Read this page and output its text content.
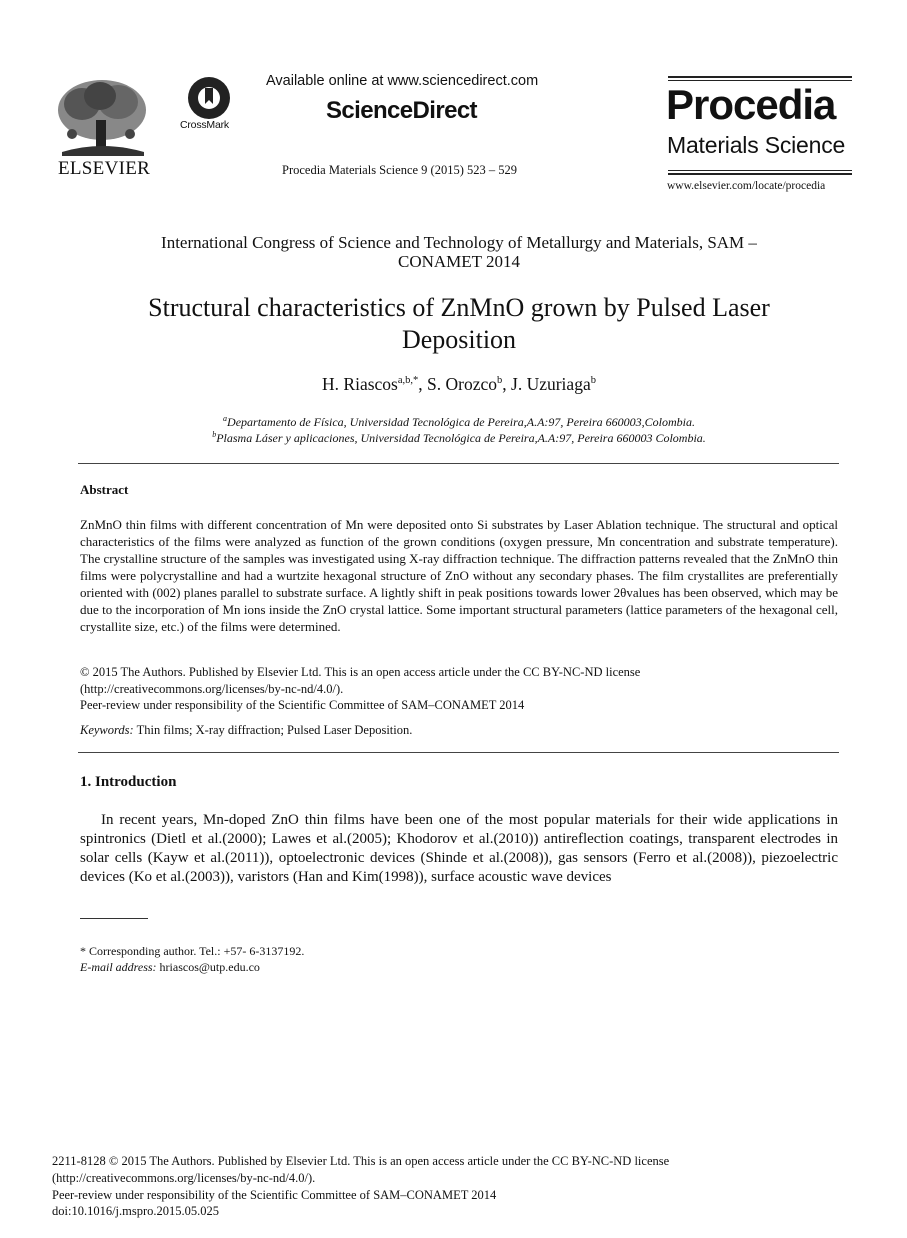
ELSEVIER
CrossMark
Available online at www.sciencedirect.com
ScienceDirect
Procedia Materials Science 9 (2015) 523 – 529
Procedia
Materials Science
www.elsevier.com/locate/procedia
International Congress of Science and Technology of Metallurgy and Materials, SAM –
CONAMET 2014
Structural characteristics of ZnMnO grown by Pulsed Laser
Deposition
H. Riascos$^{a,b,*}$, S. Orozco$^b$, J. Uzuriaga$^b$
$^a$Departamento de Física, Universidad Tecnológica de Pereira,A.A:97, Pereira 660003,Colombia.
$^b$Plasma Láser y aplicaciones, Universidad Tecnológica de Pereira,A.A:97, Pereira 660003 Colombia.
Abstract
ZnMnO thin films with different concentration of Mn were deposited onto Si substrates by Laser Ablation technique. The structural and optical characteristics of the films were analyzed as function of the grown conditions (oxygen pressure, Mn concentration and substrate temperature). The crystalline structure of the samples was investigated using X-ray diffraction technique. The diffraction patterns revealed that the ZnMnO thin films were polycrystalline and had a wurtzite hexagonal structure of ZnO without any secondary phases. The film crystallites are preferentially oriented with (002) planes parallel to substrate surface. A lightly shift in peak positions towards lower 2θvalues has been observed, which may be due to the incorporation of Mn ions inside the ZnO crystal lattice. Some important structural parameters (lattice parameters of the hexagonal cell, crystallite size, etc.) of the films were determined.
© 2015 The Authors. Published by Elsevier Ltd. This is an open access article under the CC BY-NC-ND license
(http://creativecommons.org/licenses/by-nc-nd/4.0/).
Peer-review under responsibility of the Scientific Committee of SAM–CONAMET 2014
Keywords: Thin films; X-ray diffraction; Pulsed Laser Deposition.
1. Introduction
In recent years, Mn-doped ZnO thin films have been one of the most popular materials for their wide applications in spintronics (Dietl et al.(2000); Lawes et al.(2005); Khodorov et al.(2010)) antireflection coatings, transparent electrodes in solar cells (Kayw et al.(2011)), optoelectronic devices (Shinde et al.(2008)), gas sensors (Ferro et al.(2008)), piezoelectric devices (Ko et al.(2003)), varistors (Han and Kim(1998)), surface acoustic wave devices
* Corresponding author. Tel.: +57- 6-3137192.
E-mail address: hriascos@utp.edu.co
2211-8128 © 2015 The Authors. Published by Elsevier Ltd. This is an open access article under the CC BY-NC-ND license
(http://creativecommons.org/licenses/by-nc-nd/4.0/).
Peer-review under responsibility of the Scientific Committee of SAM–CONAMET 2014
doi:10.1016/j.mspro.2015.05.025
